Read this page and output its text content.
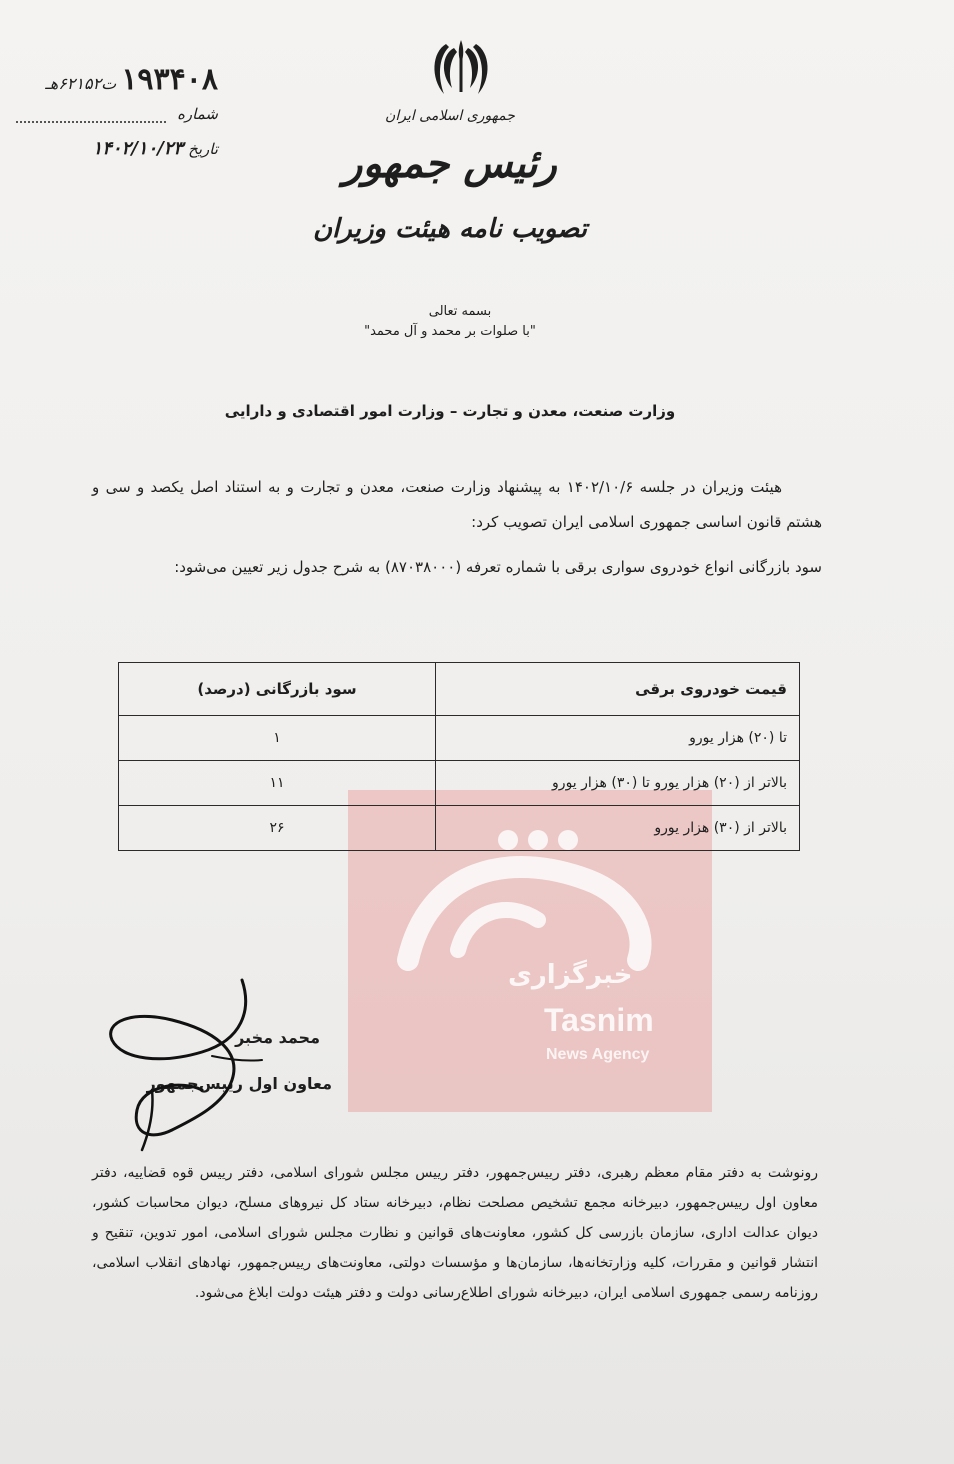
۱۹۳۴۰۸ ت۶۲۱۵۲هـ
شماره
تاریخ ۱۴۰۲/۱۰/۲۳
جمهوری اسلامی ایران
رئیس جمهور
تصویب نامه هیئت وزیران
بسمه تعالی
"با صلوات بر محمد و آل محمد"
وزارت صنعت، معدن و تجارت – وزارت امور اقتصادی و دارایی
هیئت وزیران در جلسه ۱۴۰۲/۱۰/۶ به پیشنهاد وزارت صنعت، معدن و تجارت و به استناد اصل یکصد و سی و هشتم قانون اساسی جمهوری اسلامی ایران تصویب کرد:
سود بازرگانی انواع خودروی سواری برقی با شماره تعرفه (۸۷۰۳۸۰۰۰) به شرح جدول زیر تعیین می‌شود:
خبرگزاری
Tasnim
News Agency
قیمت خودروی برقی	سود بازرگانی (درصد)
تا (۲۰) هزار یورو	۱
بالاتر از (۲۰) هزار یورو تا (۳۰) هزار یورو	۱۱
بالاتر از (۳۰) هزار یورو	۲۶
محمد مخبر
معاون اول رییس‌جمهور
رونوشت به دفتر مقام معظم رهبری، دفتر رییس‌جمهور، دفتر رییس مجلس شورای اسلامی، دفتر رییس قوه قضاییه، دفتر معاون اول رییس‌جمهور، دبیرخانه مجمع تشخیص مصلحت نظام، دبیرخانه ستاد کل نیروهای مسلح، دیوان محاسبات کشور، دیوان عدالت اداری، سازمان بازرسی کل کشور، معاونت‌های قوانین و نظارت مجلس شورای اسلامی، امور تدوین، تنقیح و انتشار قوانین و مقررات، کلیه وزارتخانه‌ها، سازمان‌ها و مؤسسات دولتی، معاونت‌های رییس‌جمهور، نهادهای انقلاب اسلامی، روزنامه رسمی جمهوری اسلامی ایران، دبیرخانه شورای اطلاع‌رسانی دولت و دفتر هیئت دولت ابلاغ می‌شود.
